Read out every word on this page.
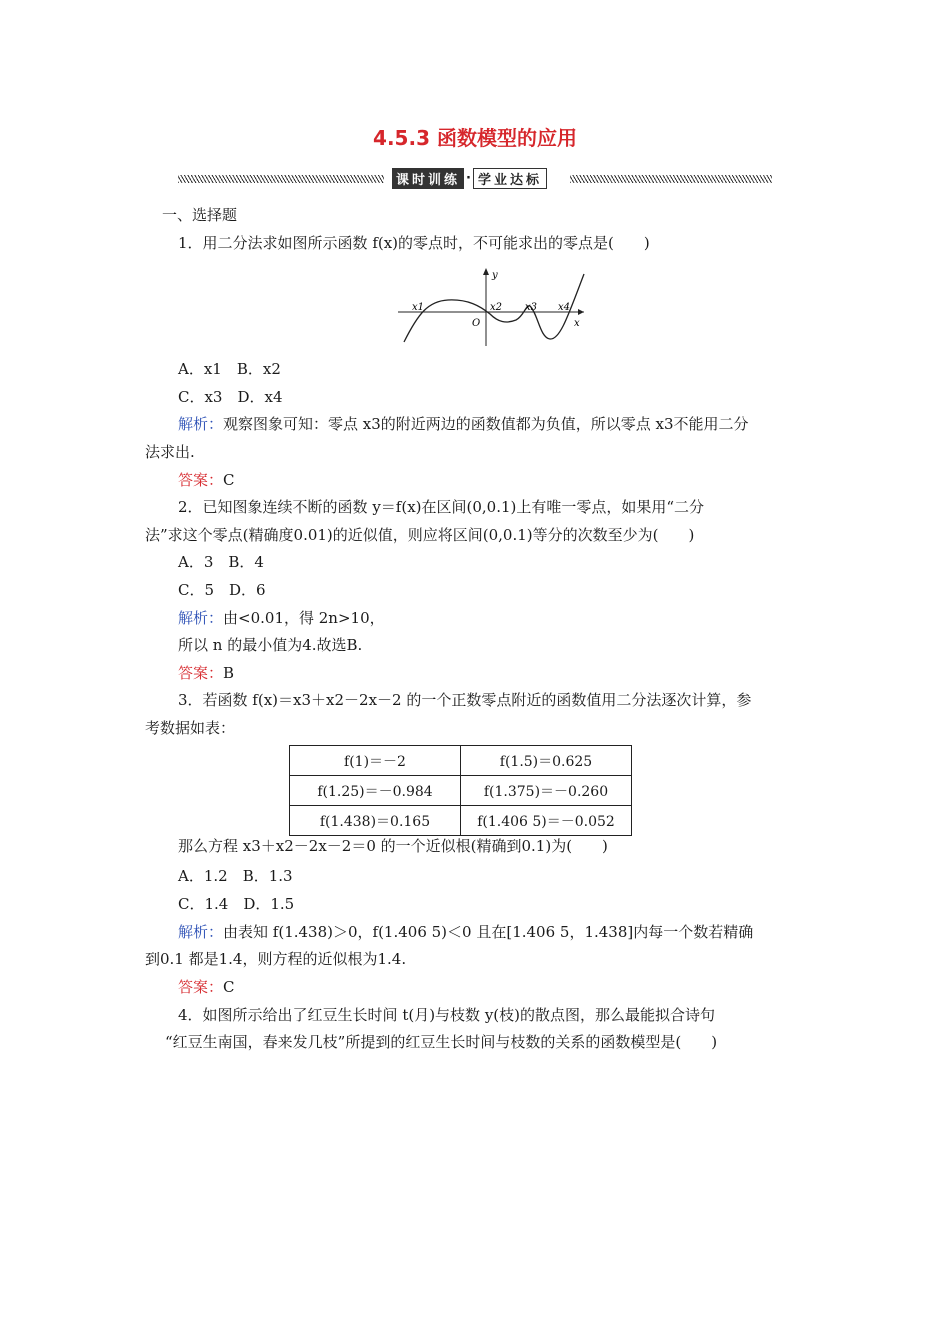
4.5.3 函数模型的应用
课时训练 · 学业达标
一、选择题
1．用二分法求如图所示函数 f(x)的零点时，不可能求出的零点是(　　)
x1	x2 x3 x4
y
O	x
A．x1　B．x2
C．x3　D．x4
解析：观察图象可知：零点 x3的附近两边的函数值都为负值，所以零点 x3不能用二分
法求出.
答案：C
2．已知图象连续不断的函数 y＝f(x)在区间(0,0.1)上有唯一零点，如果用“二分
法”求这个零点(精确度0.01)的近似值，则应将区间(0,0.1)等分的次数至少为(　　)
A．3　B．4
C．5　D．6
解析：由<0.01，得 2n>10，
所以 n 的最小值为4.故选B.
答案：B
3．若函数 f(x)＝x3＋x2－2x－2 的一个正数零点附近的函数值用二分法逐次计算，参
考数据如表：
f(1)＝－2	f(1.5)＝0.625
f(1.25)＝－0.984	f(1.375)＝－0.260
f(1.438)＝0.165	f(1.406 5)＝－0.052
那么方程 x3＋x2－2x－2＝0 的一个近似根(精确到0.1)为(　　)
A．1.2　B．1.3
C．1.4　D．1.5
解析：由表知 f(1.438)＞0，f(1.406 5)＜0 且在[1.406 5，1.438]内每一个数若精确
到0.1 都是1.4，则方程的近似根为1.4.
答案：C
4．如图所示给出了红豆生长时间 t(月)与枝数 y(枝)的散点图，那么最能拟合诗句
“红豆生南国，春来发几枝”所提到的红豆生长时间与枝数的关系的函数模型是(　　)
